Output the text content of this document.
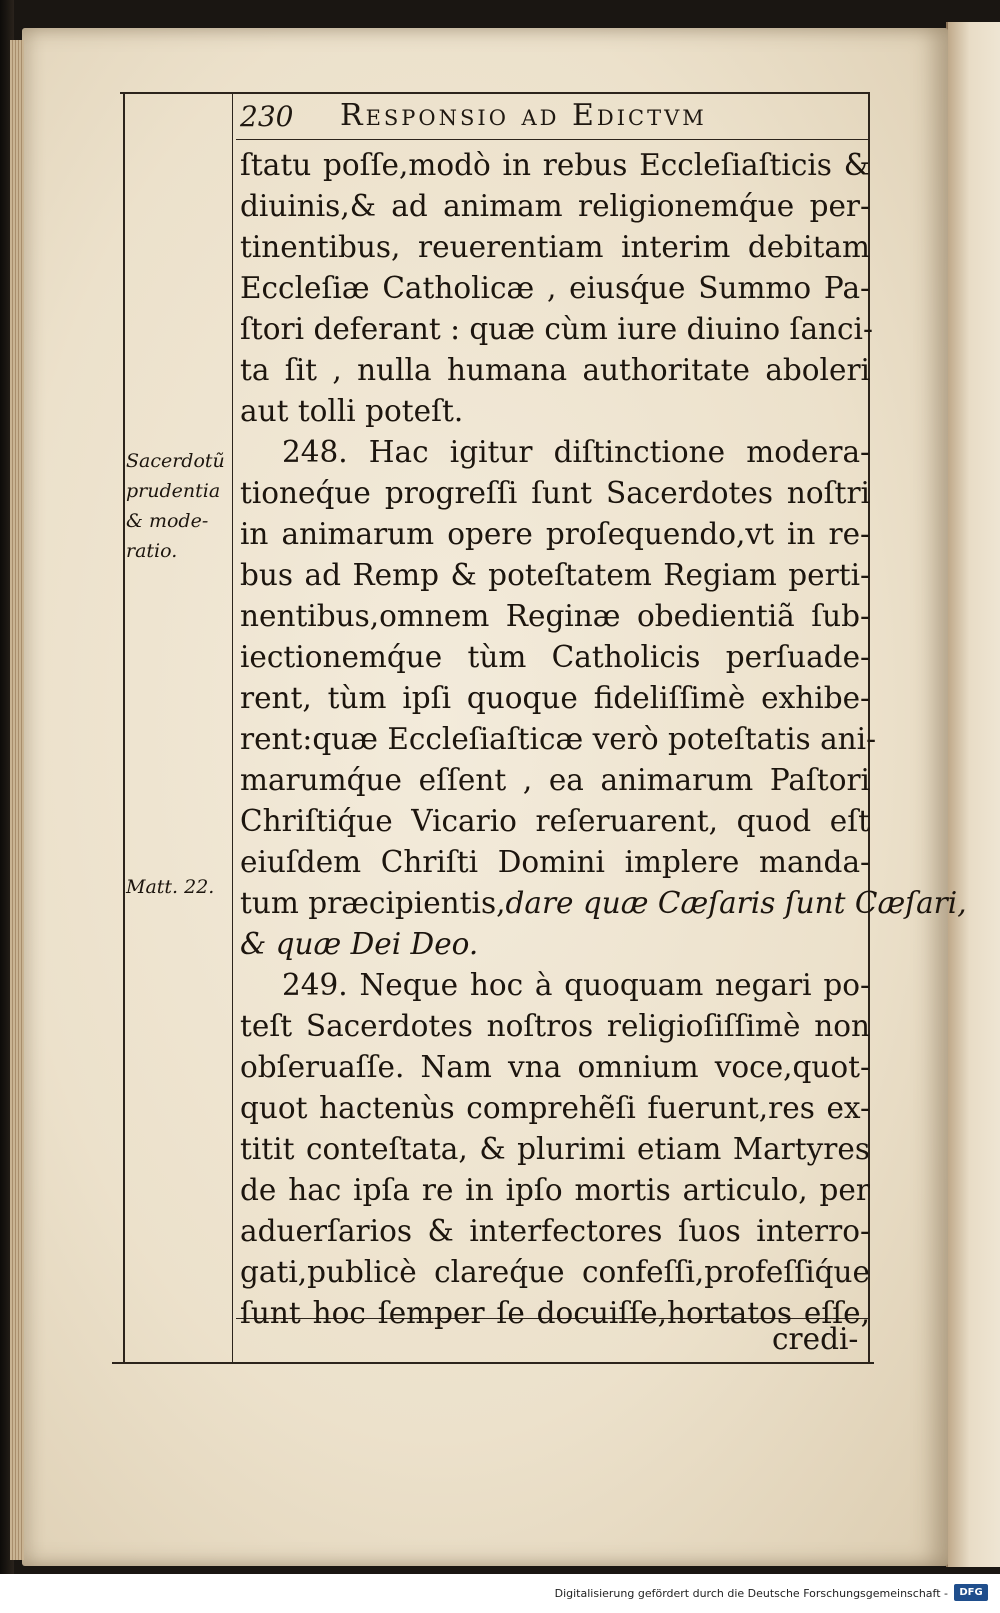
230 Responsio ad Edictvm
ſtatu poſſe,modò in rebus Eccleſiaſticis &
diuinis,& ad animam religionemq́ue per-
tinentibus, reuerentiam interim debitam
Eccleſiæ Catholicæ , eiusq́ue Summo Pa-
ſtori deferant : quæ cùm iure diuino ſanci-
ta ſit , nulla humana authoritate aboleri
aut tolli poteſt.
248. Hac igitur diſtinctione modera-
tioneq́ue progreſſi ſunt Sacerdotes noſtri
in animarum opere proſequendo,vt in re-
bus ad Remp & poteſtatem Regiam perti-
nentibus,omnem Reginæ obedientiã ſub-
iectionemq́ue tùm Catholicis perſuade-
rent, tùm ipſi quoque fideliſſimè exhibe-
rent:quæ Eccleſiaſticæ verò poteſtatis ani-
marumq́ue eſſent , ea animarum Paſtori
Chriſtiq́ue Vicario reſeruarent, quod eſt
eiuſdem Chriſti Domini implere manda-
tum præcipientis,dare quæ Cæſaris ſunt Cæſari,
& quæ Dei Deo.
249. Neque hoc à quoquam negari po-
teſt Sacerdotes noſtros religioſiſſimè non
obſeruaſſe. Nam vna omnium voce,quot-
quot hactenùs comprehẽſi fuerunt,res ex-
titit conteſtata, & plurimi etiam Martyres
de hac ipſa re in ipſo mortis articulo, per
aduerſarios & interfectores ſuos interro-
gati,publicè clareq́ue confeſſi,profeſſiq́ue
ſunt hoc ſemper ſe docuiſſe,hortatos eſſe,
Sacerdotũ
prudentia
& mode-
ratio.
Matt. 22.
credi-
Digitalisierung gefördert durch die Deutsche Forschungsgemeinschaft -	DFG
